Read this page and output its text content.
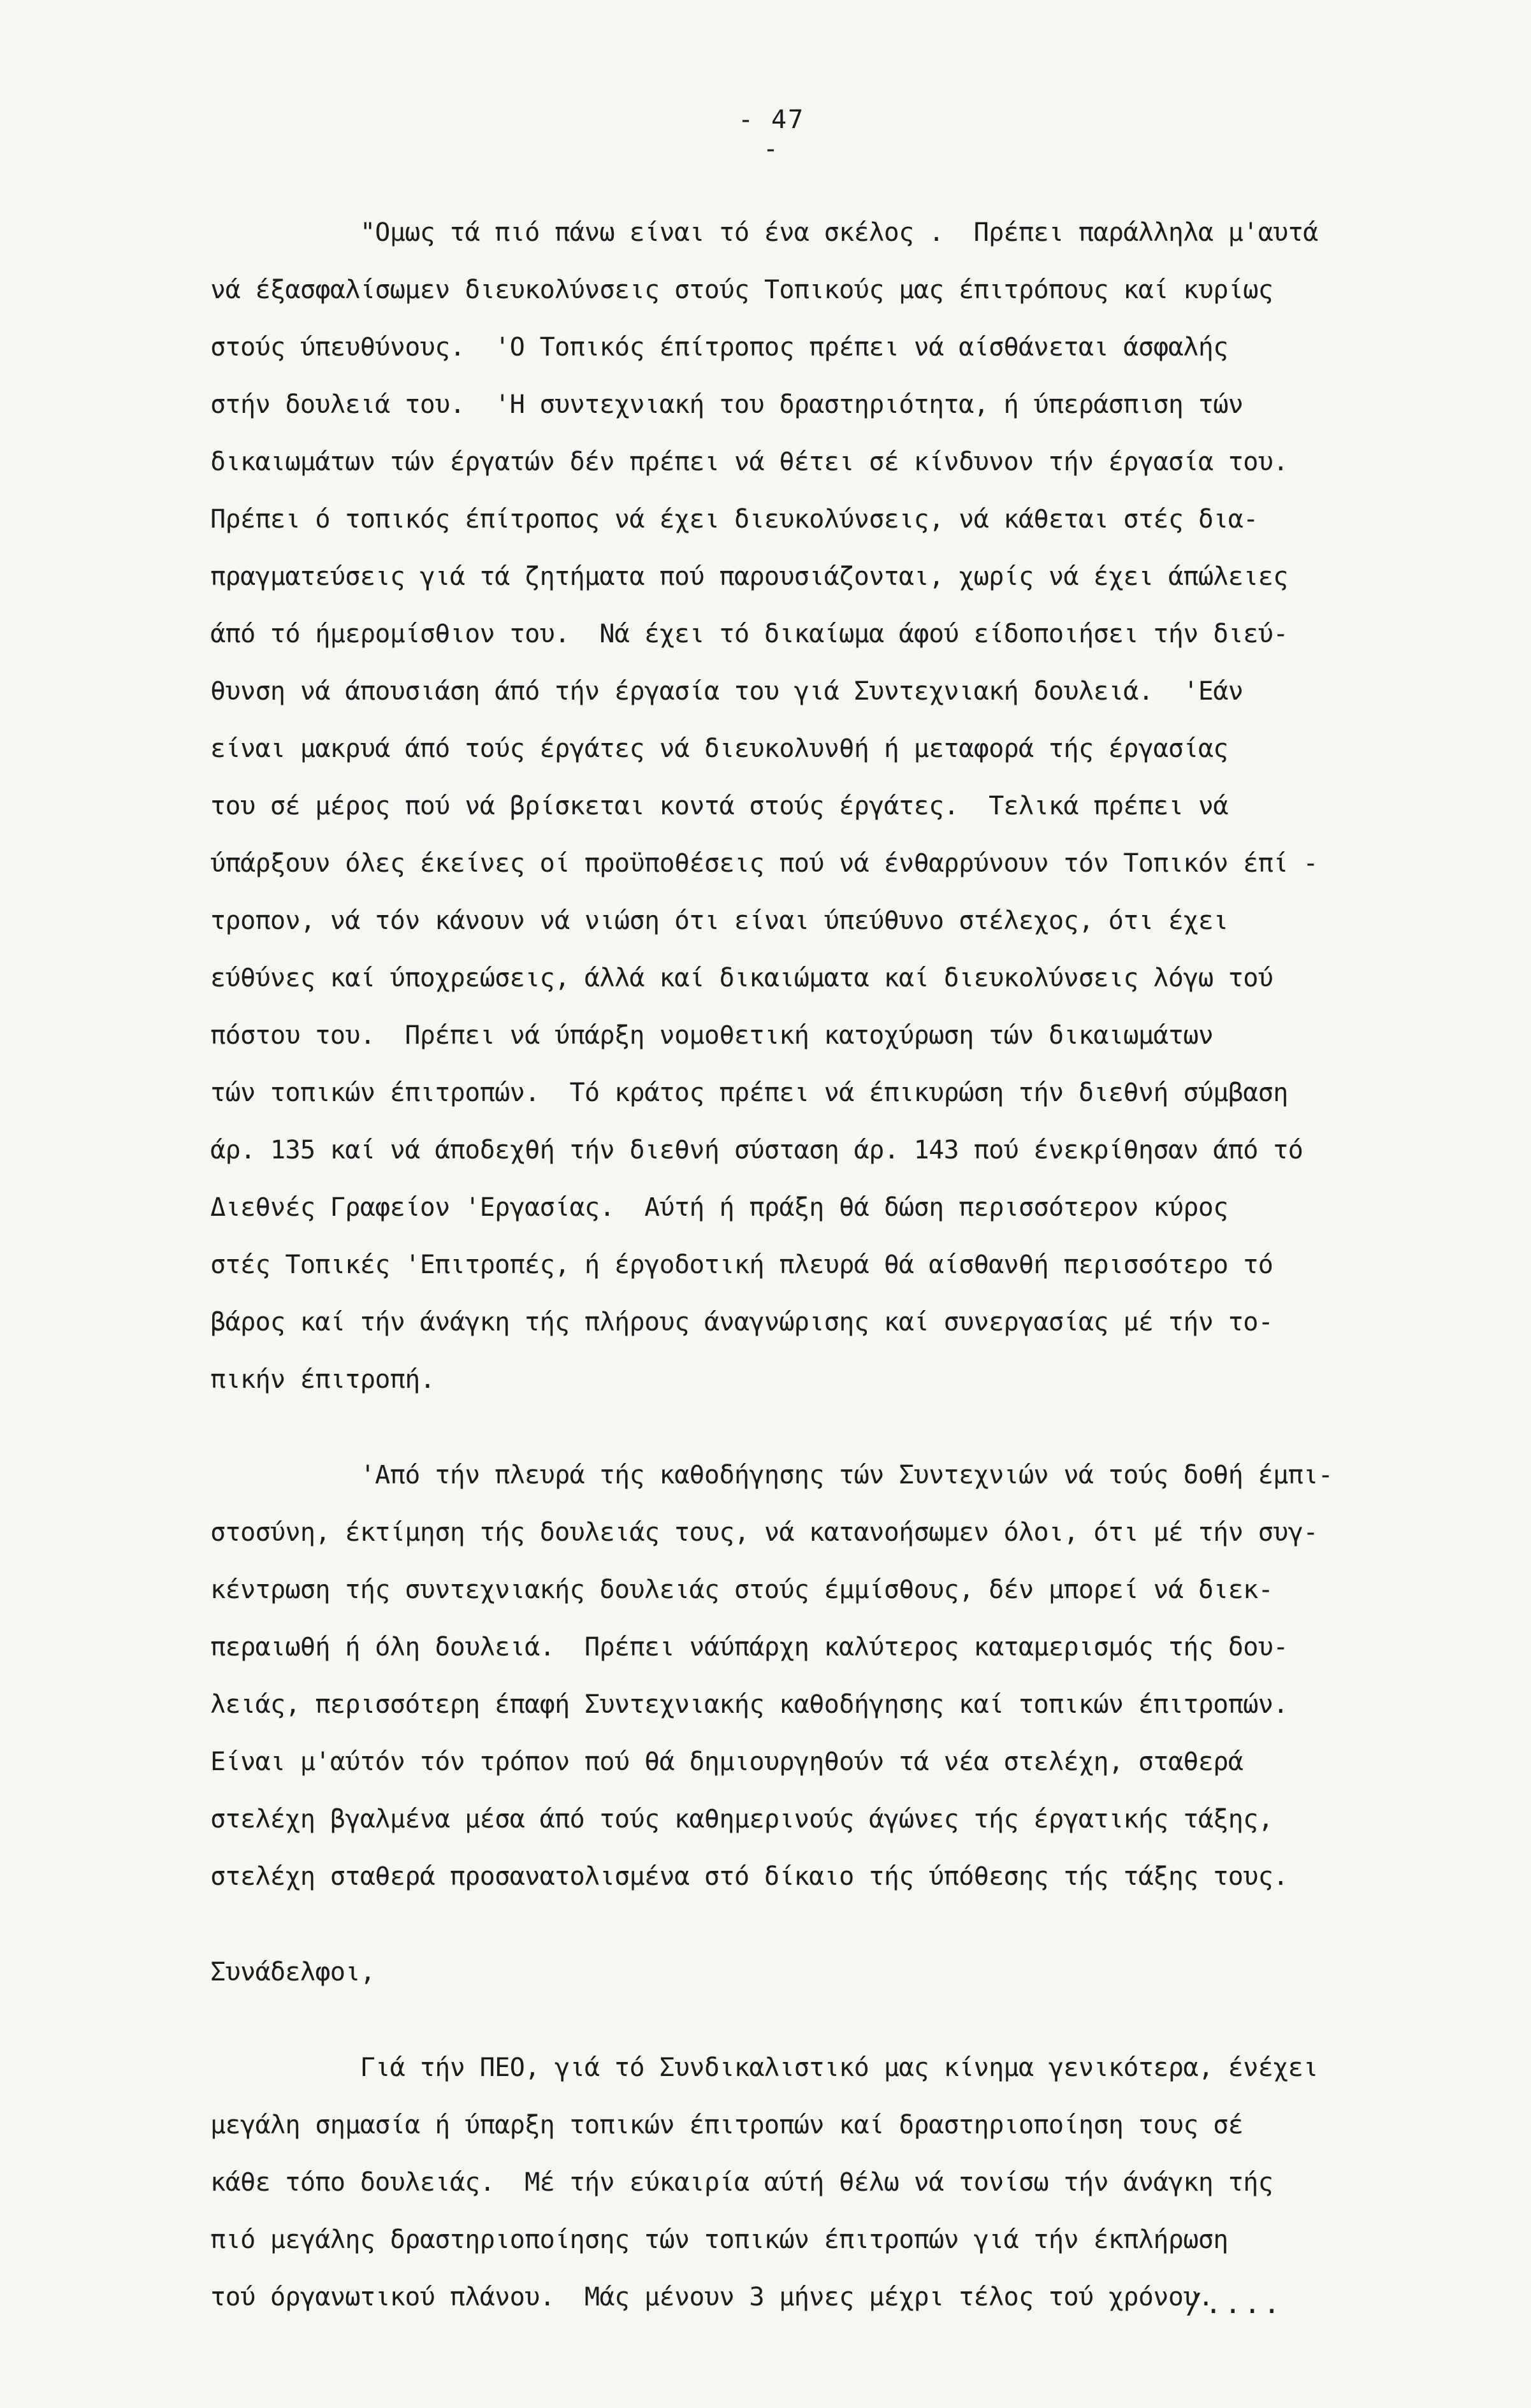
- 47 -
"Ομως τά πιό πάνω είναι τό ένα σκέλος .  Πρέπει παράλληλα μ'αυτά
νά έξασφαλίσωμεν διευκολύνσεις στούς Τοπικούς μας έπιτρόπους καί κυρίως
στούς ύπευθύνους.  'Ο Τοπικός έπίτροπος πρέπει νά αίσθάνεται άσφαλής
στήν δουλειά του.  'Η συντεχνιακή του δραστηριότητα, ή ύπεράσπιση τών
δικαιωμάτων τών έργατών δέν πρέπει νά θέτει σέ κίνδυνον τήν έργασία του.
Πρέπει ό τοπικός έπίτροπος νά έχει διευκολύνσεις, νά κάθεται στές δια-
πραγματεύσεις γιά τά ζητήματα πού παρουσιάζονται, χωρίς νά έχει άπώλειες
άπό τό ήμερομίσθιον του.  Νά έχει τό δικαίωμα άφού είδοποιήσει τήν διεύ-
θυνση νά άπουσιάση άπό τήν έργασία του γιά Συντεχνιακή δουλειά.  'Εάν
είναι μακρυά άπό τούς έργάτες νά διευκολυνθή ή μεταφορά τής έργασίας
του σέ μέρος πού νά βρίσκεται κοντά στούς έργάτες.  Τελικά πρέπει νά
ύπάρξουν όλες έκείνες οί προϋποθέσεις πού νά ένθαρρύνουν τόν Τοπικόν έπί -
τροπον, νά τόν κάνουν νά νιώση ότι είναι ύπεύθυνο στέλεχος, ότι έχει
εύθύνες καί ύποχρεώσεις, άλλά καί δικαιώματα καί διευκολύνσεις λόγω τού
πόστου του.  Πρέπει νά ύπάρξη νομοθετική κατοχύρωση τών δικαιωμάτων
τών τοπικών έπιτροπών.  Τό κράτος πρέπει νά έπικυρώση τήν διεθνή σύμβαση
άρ. 135 καί νά άποδεχθή τήν διεθνή σύσταση άρ. 143 πού ένεκρίθησαν άπό τό
Διεθνές Γραφείον 'Εργασίας.  Αύτή ή πράξη θά δώση περισσότερον κύρος
στές Τοπικές 'Επιτροπές, ή έργοδοτική πλευρά θά αίσθανθή περισσότερο τό
βάρος καί τήν άνάγκη τής πλήρους άναγνώρισης καί συνεργασίας μέ τήν το-
πικήν έπιτροπή.
'Από τήν πλευρά τής καθοδήγησης τών Συντεχνιών νά τούς δοθή έμπι-
στοσύνη, έκτίμηση τής δουλειάς τους, νά κατανοήσωμεν όλοι, ότι μέ τήν συγ-
κέντρωση τής συντεχνιακής δουλειάς στούς έμμίσθους, δέν μπορεί νά διεκ-
περαιωθή ή όλη δουλειά.  Πρέπει νάύπάρχη καλύτερος καταμερισμός τής δου-
λειάς, περισσότερη έπαφή Συντεχνιακής καθοδήγησης καί τοπικών έπιτροπών.
Είναι μ'αύτόν τόν τρόπον πού θά δημιουργηθούν τά νέα στελέχη, σταθερά
στελέχη βγαλμένα μέσα άπό τούς καθημερινούς άγώνες τής έργατικής τάξης,
στελέχη σταθερά προσανατολισμένα στό δίκαιο τής ύπόθεσης τής τάξης τους.
Συνάδελφοι,
Γιά τήν ΠΕΟ, γιά τό Συνδικαλιστικό μας κίνημα γενικότερα, ένέχει
μεγάλη σημασία ή ύπαρξη τοπικών έπιτροπών καί δραστηριοποίηση τους σέ
κάθε τόπο δουλειάς.  Μέ τήν εύκαιρία αύτή θέλω νά τονίσω τήν άνάγκη τής
πιό μεγάλης δραστηριοποίησης τών τοπικών έπιτροπών γιά τήν έκπλήρωση
τού όργανωτικού πλάνου.  Μάς μένουν 3 μήνες μέχρι τέλος τού χρόνου.
/....
